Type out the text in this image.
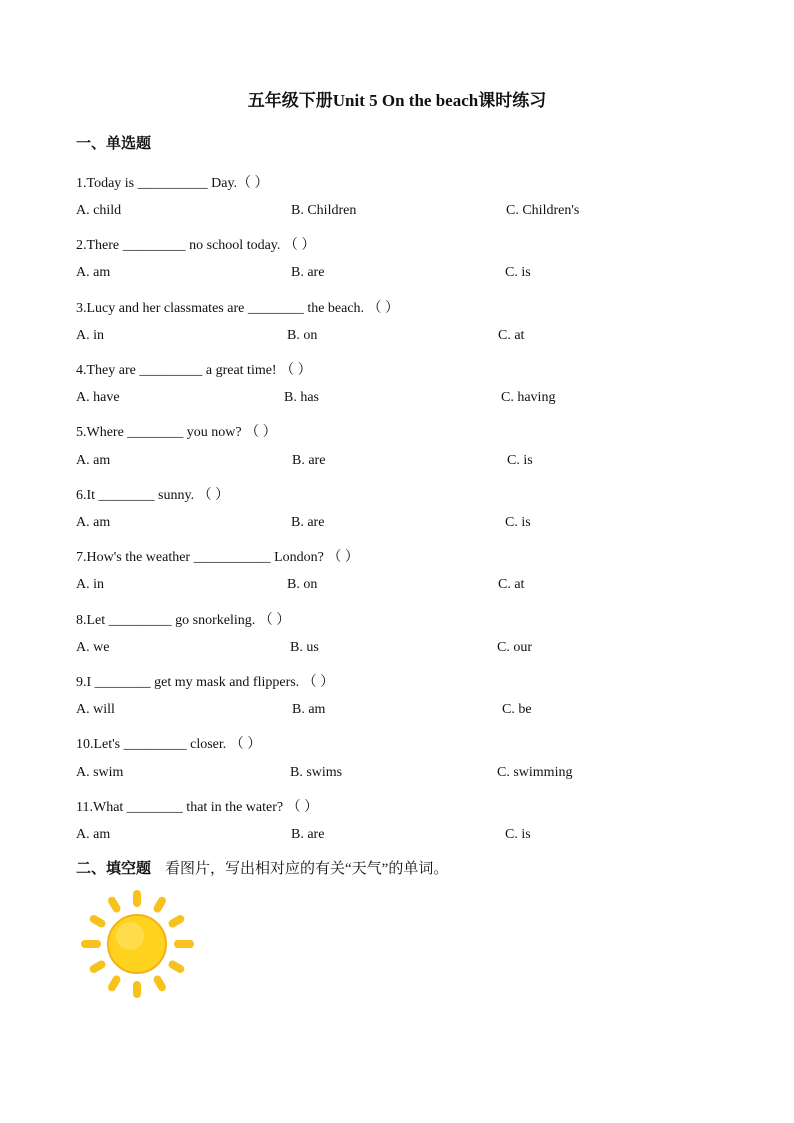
五年级下册Unit 5 On the beach课时练习
一、单选题
1.Today is __________ Day.（ ）
A. child	B. Children	C. Children's
2.There _________ no school today. （ ）
A. am	B. are	C. is
3.Lucy and her classmates are ________ the beach. （ ）
A. in	B. on	C. at
4.They are _________ a great time! （ ）
A. have	B. has	C. having
5.Where ________ you now? （ ）
A. am	B. are	C. is
6.It ________ sunny. （ ）
A. am	B. are	C. is
7.How's the weather ___________ London? （ ）
A. in	B. on	C. at
8.Let _________ go snorkeling. （ ）
A. we	B. us	C. our
9.I ________ get my mask and flippers. （ ）
A. will	B. am	C. be
10.Let's _________ closer. （ ）
A. swim	B. swims	C. swimming
11.What ________ that in the water? （ ）
A. am	B. are	C. is
二、填空题 看图片，写出相对应的有关“天气”的单词。
